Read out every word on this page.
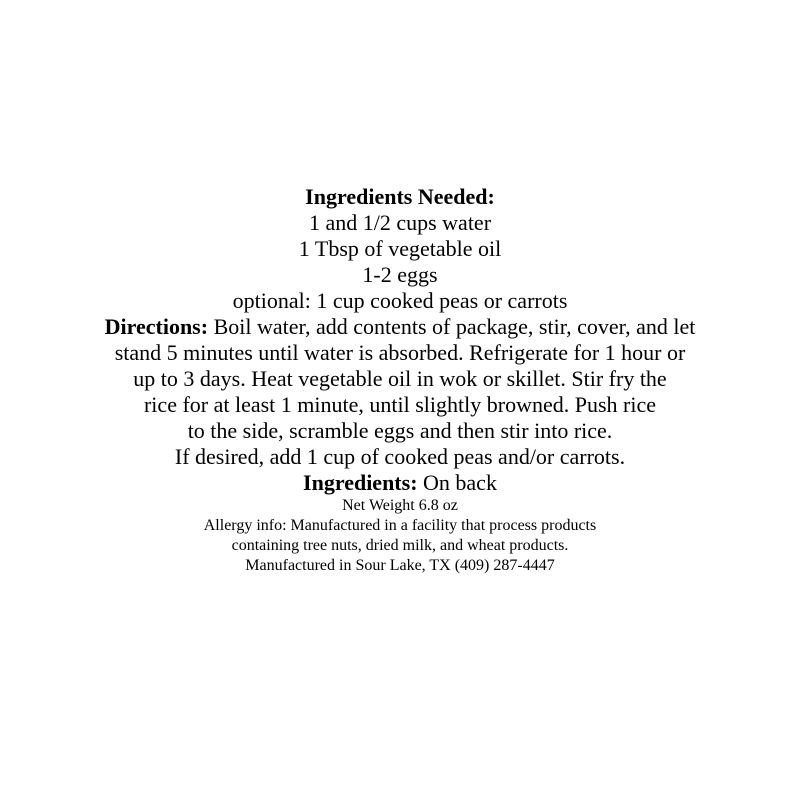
Ingredients Needed:
1 and 1/2 cups water
1 Tbsp of vegetable oil
1-2 eggs
optional: 1 cup cooked peas or carrots
Directions: Boil water, add contents of package, stir, cover, and let
stand 5 minutes until water is absorbed. Refrigerate for 1 hour or
up to 3 days. Heat vegetable oil in wok or skillet. Stir fry the
rice for at least 1 minute, until slightly browned. Push rice
to the side, scramble eggs and then stir into rice.
If desired, add 1 cup of cooked peas and/or carrots.
Ingredients: On back
Net Weight 6.8 oz
Allergy info: Manufactured in a facility that process products
containing tree nuts, dried milk, and wheat products.
Manufactured in Sour Lake, TX (409) 287-4447
